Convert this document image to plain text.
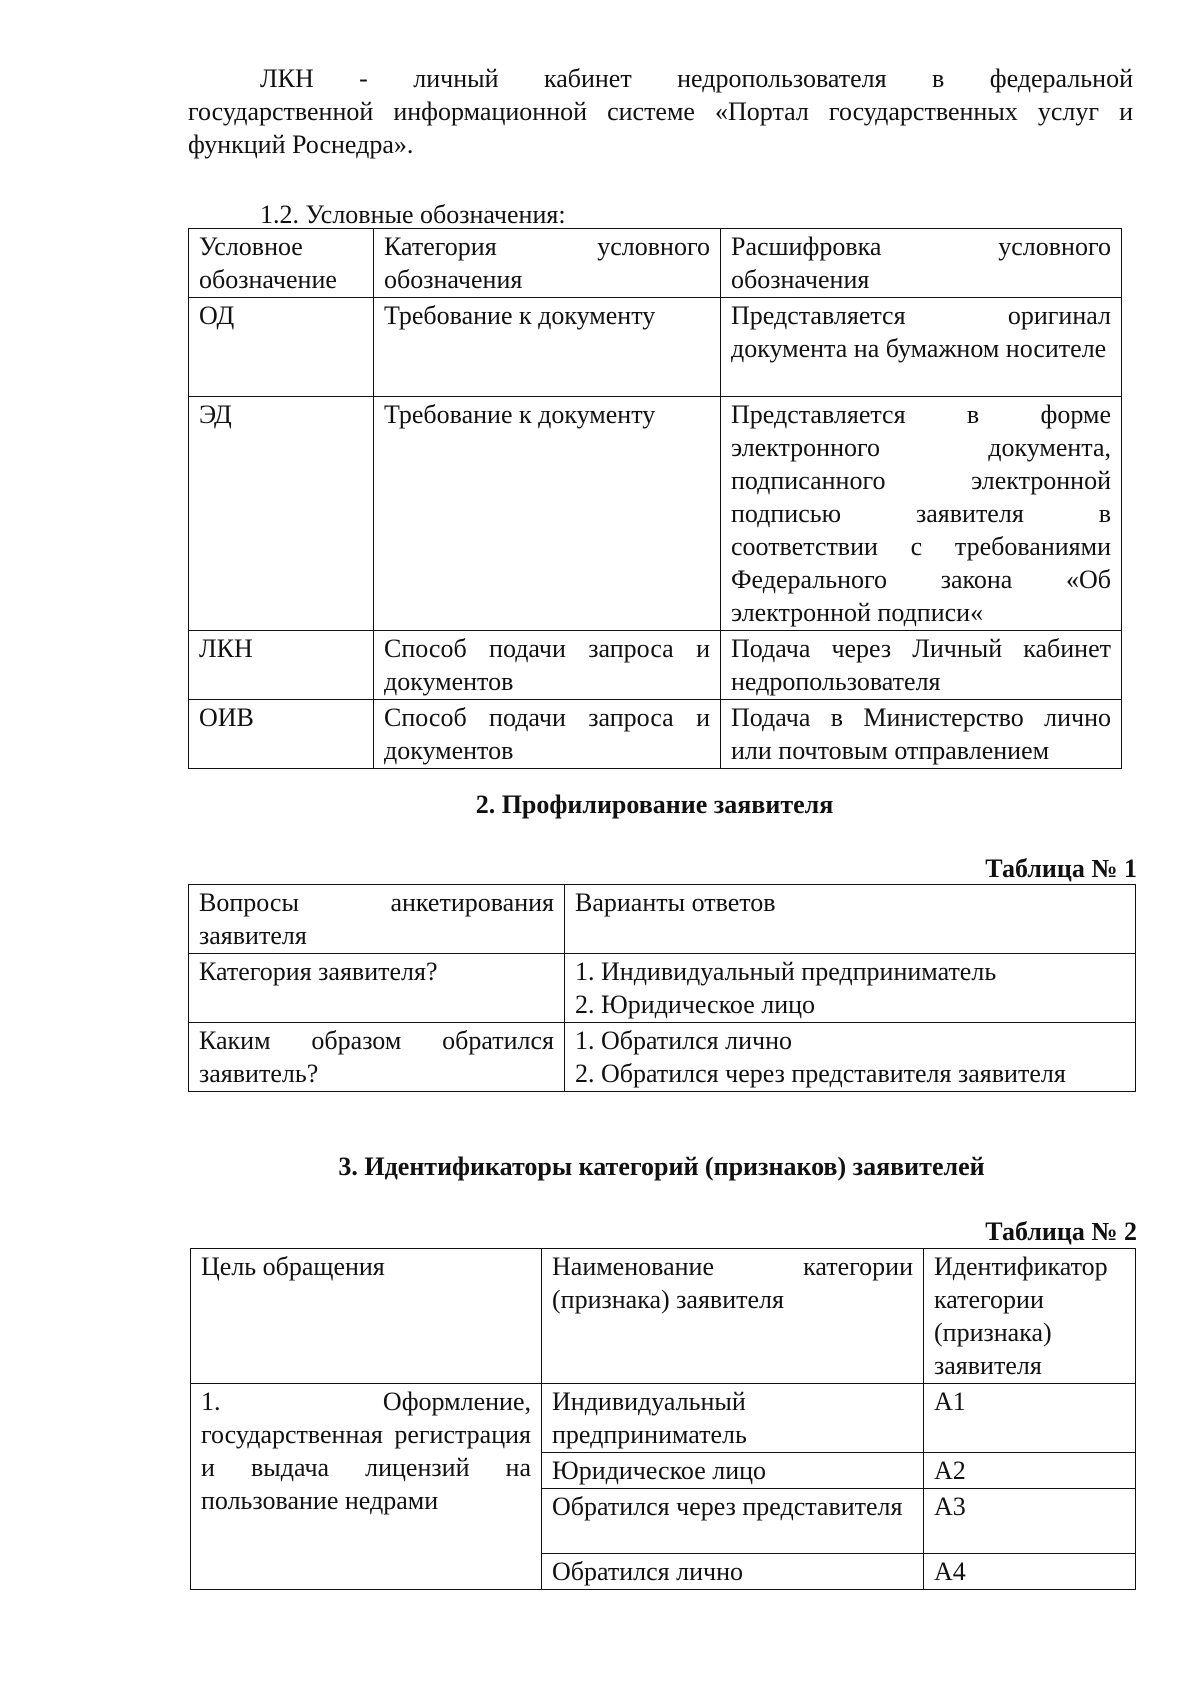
ЛКН - личный кабинет недропользователя в федеральной

государственной информационной системе «Портал государственных услуг и

функций Роснедра».

1.2. Условные обозначения:

Условное обозначение	Категория условного обозначения	Расшифровка условного обозначения

ОД	Требование к документу	Представляется оригинал документа на бумажном носителе

ЭД	Требование к документу	Представляется в форме электронного документа, подписанного электронной подписью заявителя в соответствии с требованиями Федерального закона «Об электронной подписи«

ЛКН	Способ подачи запроса и документов	Подача через Личный кабинет недропользователя

ОИВ	Способ подачи запроса и документов	Подача в Министерство лично или почтовым отправлением

2. Профилирование заявителя

Таблица № 1

Вопросы анкетирования заявителя	Варианты ответов
Категория заявителя?	1. Индивидуальный предприниматель
2. Юридическое лицо

Каким образом обратился заявитель?	1. Обратился лично
2. Обратился через представителя заявителя

3. Идентификаторы категорий (признаков) заявителей

Таблица № 2

Цель обращения	Наименование категории (признака) заявителя	Идентификатор категории (признака) заявителя

1. Оформление, государственная регистрация и выдача лицензий на пользование недрами	Индивидуальный предприниматель	А1
	Юридическое лицо	А2

	Обратился через представителя	А3
	Обратился лично	А4
